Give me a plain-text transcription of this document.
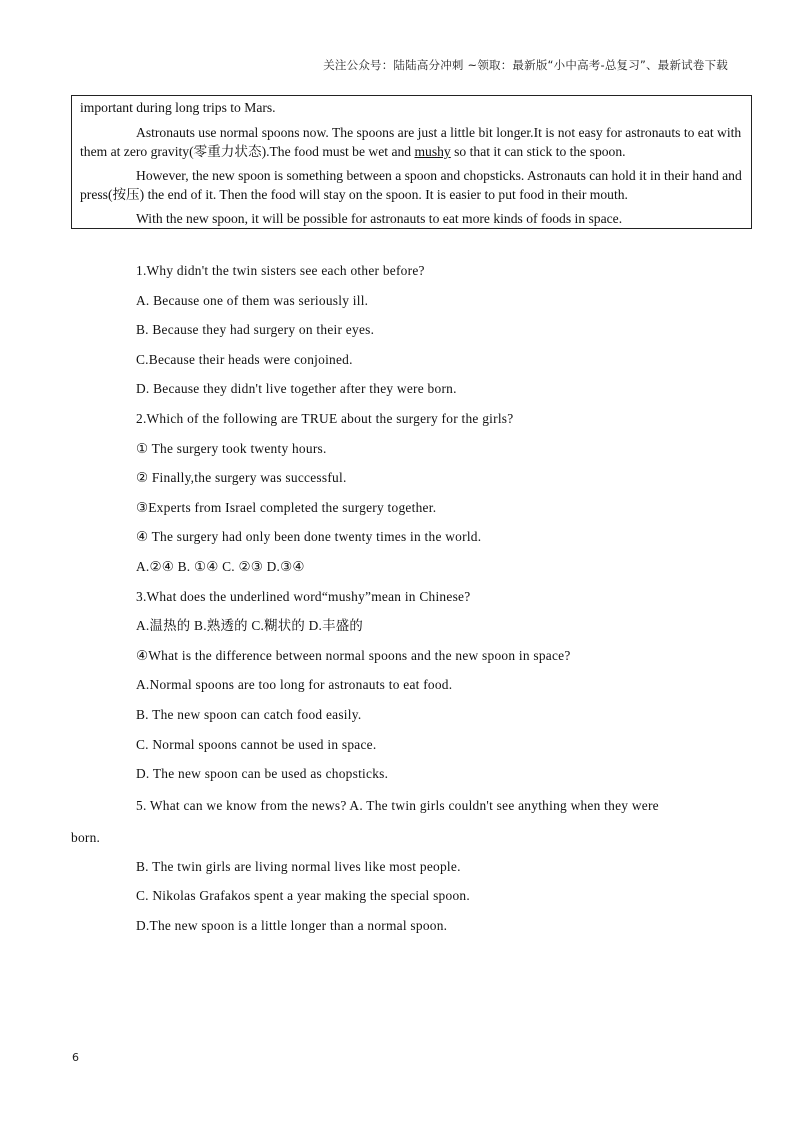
关注公众号：陆陆高分冲刺 ~领取：最新版“小中高考-总复习”、最新试卷下载

important during long trips to Mars.

Astronauts use normal spoons now. The spoons are just a little bit longer.It is not easy for astronauts to eat with them at zero gravity(零重力状态).The food must be wet and mushy so that it can stick to the spoon.

However, the new spoon is something between a spoon and chopsticks. Astronauts can hold it in their hand and press(按压) the end of it. Then the food will stay on the spoon. It is easier to put food in their mouth.

With the new spoon, it will be possible for astronauts to eat more kinds of foods in space.

1.Why didn't the twin sisters see each other before?
A. Because one of them was seriously ill.
B. Because they had surgery on their eyes.
C.Because their heads were conjoined.
D. Because they didn't live together after they were born.
2.Which of the following are TRUE about the surgery for the girls?
① The surgery took twenty hours.
② Finally,the surgery was successful.
③Experts from Israel completed the surgery together.
④ The surgery had only been done twenty times in the world.
A.②④ B. ①④ C. ②③ D.③④
3.What does the underlined word“mushy”mean in Chinese?
A.温热的 B.熟透的 C.糊状的 D.丰盛的
④What is the difference between normal spoons and the new spoon in space?
A.Normal spoons are too long for astronauts to eat food.
B. The new spoon can catch food easily.
C. Normal spoons cannot be used in space.
D. The new spoon can be used as chopsticks.
5. What can we know from the news? A. The twin girls couldn't see anything when they were
born.
B. The twin girls are living normal lives like most people.
C. Nikolas Grafakos spent a year making the special spoon.
D.The new spoon is a little longer than a normal spoon.
6
